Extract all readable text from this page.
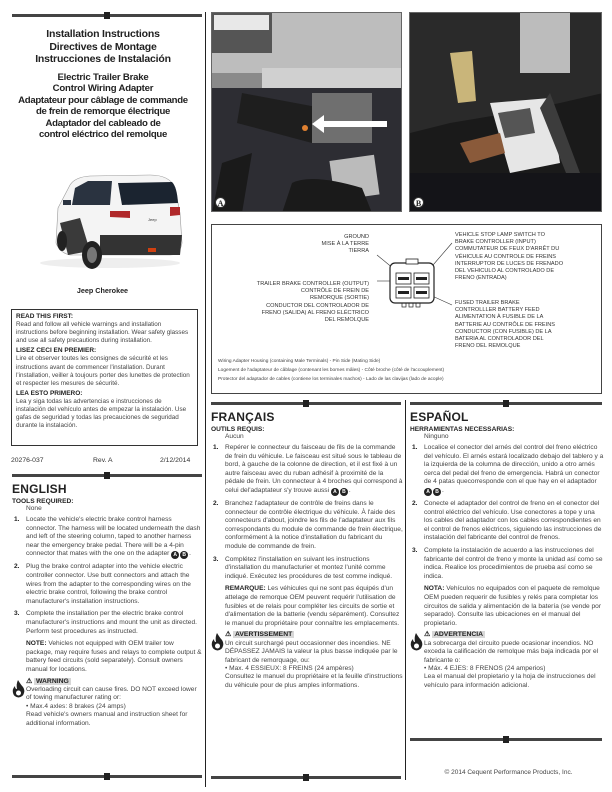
Installation Instructions
Directives de Montage
Instrucciones de Instalación
Electric Trailer Brake
Control Wiring Adapter
Adaptateur pour câblage de commande
de frein de remorque électrique
Adaptador del cableado de
control eléctrico del remolque
Jeep
Jeep Cherokee
READ THIS FIRST:
Read and follow all vehicle warnings and installation instructions before beginning installation. Wear safety glasses and use all safety precautions during installation.
LISEZ CECI EN PREMIER:
Lire et observer toutes les consignes de sécurité et les instructions avant de commencer l'installation. Durant l'installation, veiller à toujours porter des lunettes de protection et respecter les mesures de sécurité.
LEA ESTO PRIMERO:
Lea y siga todas las advertencias e instrucciones de instalación del vehículo antes de empezar la instalación. Use gafas de seguridad y todas las precauciones de seguridad durante la instalación.
20276-037	Rev. A	2/12/2014
ENGLISH
TOOLS REQUIRED:
None
1. Locate the vehicle's electric brake control harness connector. The harness will be located underneath the dash and left of the steering column, taped to another harness near the emergency brake pedal. There will be a 4-pin connector that mates with the one on the adapter A B .
2. Plug the brake control adapter into the vehicle electric controller connector. Use butt connectors and attach the wires from the adapter to the corresponding wires on the electric brake control, following the brake control manufacturer's installation instructions.
3. Complete the installation per the electric brake control manufacturer's instructions and mount the unit as directed. Perform test procedures as instructed.
NOTE: Vehicles not equipped with OEM trailer tow package, may require fuses and relays to complete output & battery feed circuits (sold separately). Consult owners manual for locations.
⚠ WARNING
Overloading circuit can cause fires. DO NOT exceed lower of towing manufacturer rating or:
• Max.4 axles: 8 brakes (24 amps)
Read vehicle's owners manual and instruction sheet for additional information.
A	B
GROUND
MISE À LA TERRE
TIERRA
TRAILER BRAKE CONTROLLER (OUTPUT)
CONTRÔLE DE FREIN DE
REMORQUE (SORTIE)
CONDUCTOR DEL CONTROLADOR DE
FRENO (SALIDA) AL FRENO ELÉCTRICO
DEL REMOLQUE
VEHICLE STOP LAMP SWITCH TO
BRAKE CONTROLLER (INPUT)
COMMUTATEUR DE FEUX D'ARRÊT DU
VÉHICULE AU CONTROLE DE FREINS
INTERRUPTOR DE LUCES DE FRENADO
DEL VEHICULO AL CONTROLADO DE
FRENO (ENTRADA)
FUSED TRAILER BRAKE
CONTROLLLER BATTERY FEED
ALIMENTATION À FUSIBLE DE LA
BATTERIE AU CONTRÔLE DE FREINS
CONDUCTOR (CON FUSIBLE) DE LA
BATERIA AL CONTROLADOR DEL
FRENO DEL REMOLQUE
Wiring Adapter Housing (containing Male Terminals) - Pin Side (Mating Side)
Logement de l'adaptateur de câblage (contenant les bornes mâles) - Côté broche (côté de l'accouplement)
Protector del adaptador de cables (contiene los terminales machos) - Lado de las clavijas (lado de acople)
FRANÇAIS
OUTILS REQUIS:
Aucun
1. Repérer le connecteur du faisceau de fils de la commande de frein du véhicule. Le faisceau est situé sous le tableau de bord, à gauche de la colonne de direction, et il est fixé à un autre faisceau avec du ruban adhésif à proximité de la pédale de frein. Un connecteur à 4 broches qui correspond à celui del'adaptateur s'y trouve aussi A B .
2. Branchez l'adaptateur de contrôle de freins dans le connecteur de contrôle électrique du véhicule. À l'aide des connecteurs d'about, joindre les fils de l'adaptateur aux fils correspondants du module de commande de frein électrique, conformément à la notice d'installation du fabricant du module de commande de frein.
3. Complétez l'installation en suivant les instructions d'installation du manufacturier et montez l'unité comme indiqué. Exécutez les procédures de test comme indiqué.
REMARQUE: Les véhicules qui ne sont pas équipés d'un attelage de remorque OEM peuvent requérir l'utilisation de fusibles et de relais pour compléter les circuits de sortie et d'alimentation de la batterie (vendu séparément). Consultez le manuel du propriétaire pour connaître les emplacements.
⚠ AVERTISSEMENT
Un circuit surchargé peut occasionner des incendies. NE DÉPASSEZ JAMAIS la valeur la plus basse indiquée par le fabricant de remorquage, ou:
• Max. 4 ESSIEUX: 8 FREINS (24 ampères)
Consultez le manuel du propriétaire et la feuille d'instructions du véhicule pour de plus amples informations.
ESPAÑOL
HERRAMIENTAS NECESSARIAS:
Ninguno
1. Localice el conector del arnés del control del freno eléctrico del vehículo. El arnés estará localizado debajo del tablero y a la izquierda de la columna de dirección, unido a otro arnés cerca del pedal del freno de emergencia. Habrá un conector de 4 patas quecorresponde con el que hay en el adaptador A B .
2. Conecte el adaptador del control de freno en el conector del control eléctrico del vehículo. Use conectores a tope y una los cables del adaptador con los cables correspondientes en el control de frenos eléctricos, siguiendo las instrucciones de instalación del fabricante del control de frenos.
3. Complete la instalación de acuerdo a las instrucciones del fabricante del control de freno y monte la unidad así como se indica. Realice los procedimientos de prueba así como se indica.
NOTA: Vehículos no equipados con el paquete de remolque OEM pueden requerir de fusibles y relés para completar los circuitos de salida y alimentación de la batería (se vende por separado). Consulte las ubicaciones en el manual del propietario.
⚠ ADVERTENCIA
La sobrecarga del circuito puede ocasionar incendios. NO exceda la calificación de remolque más baja indicada por el fabricante o:
• Máx. 4 EJES: 8 FRENOS (24 amperios)
Lea el manual del propietario y la hoja de instrucciones del vehículo para información adicional.
© 2014 Cequent Performance Products, Inc.
